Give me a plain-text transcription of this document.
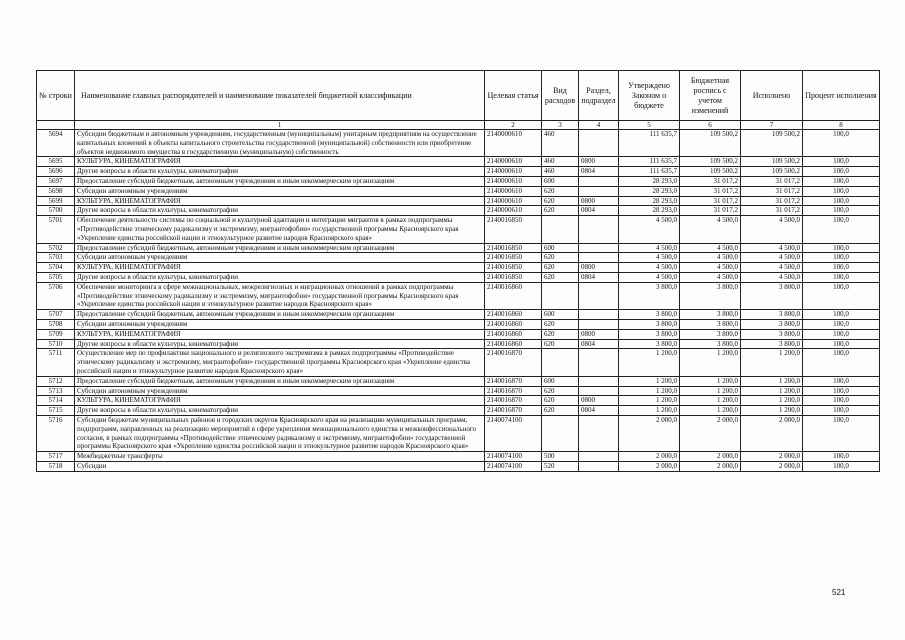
№ строки	Наименование главных распорядителей и наименование показателей бюджетной классификации	Целевая статья	Вид расходов	Раздел, подраздел	Утверждено Законом о бюджете	Бюджетная роспись с учетом изменений	Исполнено	Процент исполнения
	1	2	3	4	5	6	7	8
5694	Субсидии бюджетным и автономным учреждениям, государственным (муниципальным) унитарным предприятиям на осуществление капитальных вложений в объекты капитального строительства государственной (муниципальной) собственности или приобретение объектов недвижимого имущества в государственную (муниципальную) собственность	2140000610	460		111 635,7	109 500,2	109 500,2	100,0
5695	КУЛЬТУРА, КИНЕМАТОГРАФИЯ	2140000610	460	0800	111 635,7	109 500,2	109 500,2	100,0
5696	Другие вопросы в области культуры, кинематографии	2140000610	460	0804	111 635,7	109 500,2	109 500,2	100,0
5697	Предоставление субсидий бюджетным, автономным учреждениям и иным некоммерческим организациям	2140000610	600		28 293,0	31 017,2	31 017,2	100,0
5698	Субсидии автономным учреждениям	2140000610	620		28 293,0	31 017,2	31 017,2	100,0
5699	КУЛЬТУРА, КИНЕМАТОГРАФИЯ	2140000610	620	0800	28 293,0	31 017,2	31 017,2	100,0
5700	Другие вопросы в области культуры, кинематографии	2140000610	620	0804	28 293,0	31 017,2	31 017,2	100,0
5701	Обеспечение деятельности системы по социальной и культурной адаптации и интеграции мигрантов в рамках подпрограммы «Противодействие этническому радикализму и экстремизму, мигрантофобии» государственной программы Красноярского края «Укрепление единства российской нации и этнокультурное развитие народов Красноярского края»	2140016850			4 500,0	4 500,0	4 500,0	100,0
5702	Предоставление субсидий бюджетным, автономным учреждениям и иным некоммерческим организациям	2140016850	600		4 500,0	4 500,0	4 500,0	100,0
5703	Субсидии автономным учреждениям	2140016850	620		4 500,0	4 500,0	4 500,0	100,0
5704	КУЛЬТУРА, КИНЕМАТОГРАФИЯ	2140016850	620	0800	4 500,0	4 500,0	4 500,0	100,0
5705	Другие вопросы в области культуры, кинематографии	2140016850	620	0804	4 500,0	4 500,0	4 500,0	100,0
5706	Обеспечение мониторинга в сфере межнациональных, межрелигиозных и миграционных отношений в рамках подпрограммы «Противодействие этническому радикализму и экстремизму, мигрантофобии» государственной программы Красноярского края «Укрепление единства российской нации и этнокультурное развитие народов Красноярского края»	2140016860			3 800,0	3 800,0	3 800,0	100,0
5707	Предоставление субсидий бюджетным, автономным учреждениям и иным некоммерческим организациям	2140016860	600		3 800,0	3 800,0	3 800,0	100,0
5708	Субсидии автономным учреждениям	2140016860	620		3 800,0	3 800,0	3 800,0	100,0
5709	КУЛЬТУРА, КИНЕМАТОГРАФИЯ	2140016860	620	0800	3 800,0	3 800,0	3 800,0	100,0
5710	Другие вопросы в области культуры, кинематографии	2140016860	620	0804	3 800,0	3 800,0	3 800,0	100,0
5711	Осуществление мер по профилактике национального и религиозного экстремизма в рамках подпрограммы «Противодействие этническому радикализму и экстремизму, мигрантофобии» государственной программы Красноярского края «Укрепление единства российской нации и этнокультурное развитие народов Красноярского края»	2140016870			1 200,0	1 200,0	1 200,0	100,0
5712	Предоставление субсидий бюджетным, автономным учреждениям и иным некоммерческим организациям	2140016870	600		1 200,0	1 200,0	1 200,0	100,0
5713	Субсидии автономным учреждениям	2140016870	620		1 200,0	1 200,0	1 200,0	100,0
5714	КУЛЬТУРА, КИНЕМАТОГРАФИЯ	2140016870	620	0800	1 200,0	1 200,0	1 200,0	100,0
5715	Другие вопросы в области культуры, кинематографии	2140016870	620	0804	1 200,0	1 200,0	1 200,0	100,0
5716	Субсидии бюджетам муниципальных районов и городских округов Красноярского края на реализацию муниципальных программ, подпрограмм, направленных на реализацию мероприятий в сфере укрепления межнационального единства и межконфессионального согласия, в рамках подпрограммы «Противодействие этническому радикализму и экстремизму, мигрантофобии» государственной программы Красноярского края «Укрепление единства российской нации и этнокультурное развитие народов Красноярского края»	2140074100			2 000,0	2 000,0	2 000,0	100,0
5717	Межбюджетные трансферты	2140074100	500		2 000,0	2 000,0	2 000,0	100,0
5718	Субсидии	2140074100	520		2 000,0	2 000,0	2 000,0	100,0
521
